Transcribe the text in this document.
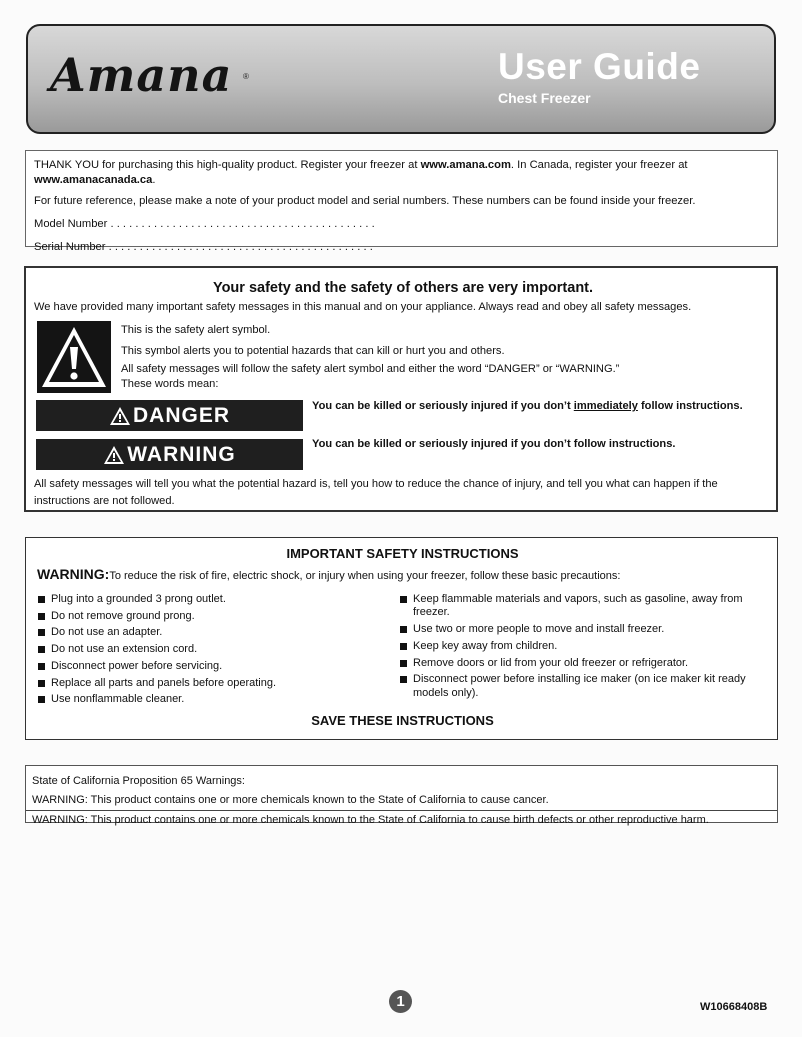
Amana ®	User Guide
Chest Freezer

THANK YOU for purchasing this high-quality product. Register your freezer at www.amana.com. In Canada, register your freezer at www.amanacanada.ca.

For future reference, please make a note of your product model and serial numbers. These numbers can be found inside your freezer.

Model Number . . . . . . . . . . . . . . . . . . . . . . . . . . . . . . . . . . . . . . . . . . .

Serial Number . . . . . . . . . . . . . . . . . . . . . . . . . . . . . . . . . . . . . . . . . . .

Your safety and the safety of others are very important.
We have provided many important safety messages in this manual and on your appliance. Always read and obey all safety messages.
This is the safety alert symbol.
This symbol alerts you to potential hazards that can kill or hurt you and others.
All safety messages will follow the safety alert symbol and either the word “DANGER” or “WARNING.”
These words mean:
DANGER	You can be killed or seriously injured if you don’t immediately follow instructions.
WARNING	You can be killed or seriously injured if you don’t follow instructions.
All safety messages will tell you what the potential hazard is, tell you how to reduce the chance of injury, and tell you what can happen if the instructions are not followed.
IMPORTANT SAFETY INSTRUCTIONS
WARNING:To reduce the risk of fire, electric shock, or injury when using your freezer, follow these basic precautions:
Plug into a grounded 3 prong outlet.
Do not remove ground prong.
Do not use an adapter.
Do not use an extension cord.
Disconnect power before servicing.
Replace all parts and panels before operating.
Use nonflammable cleaner.
Keep flammable materials and vapors, such as gasoline, away from freezer.
Use two or more people to move and install freezer.
Keep key away from children.
Remove doors or lid from your old freezer or refrigerator.
Disconnect power before installing ice maker (on ice maker kit ready models only).
SAVE THESE INSTRUCTIONS

State of California Proposition 65 Warnings:

WARNING: This product contains one or more chemicals known to the State of California to cause cancer.

WARNING: This product contains one or more chemicals known to the State of California to cause birth defects or other reproductive harm.

1	W10668408B
